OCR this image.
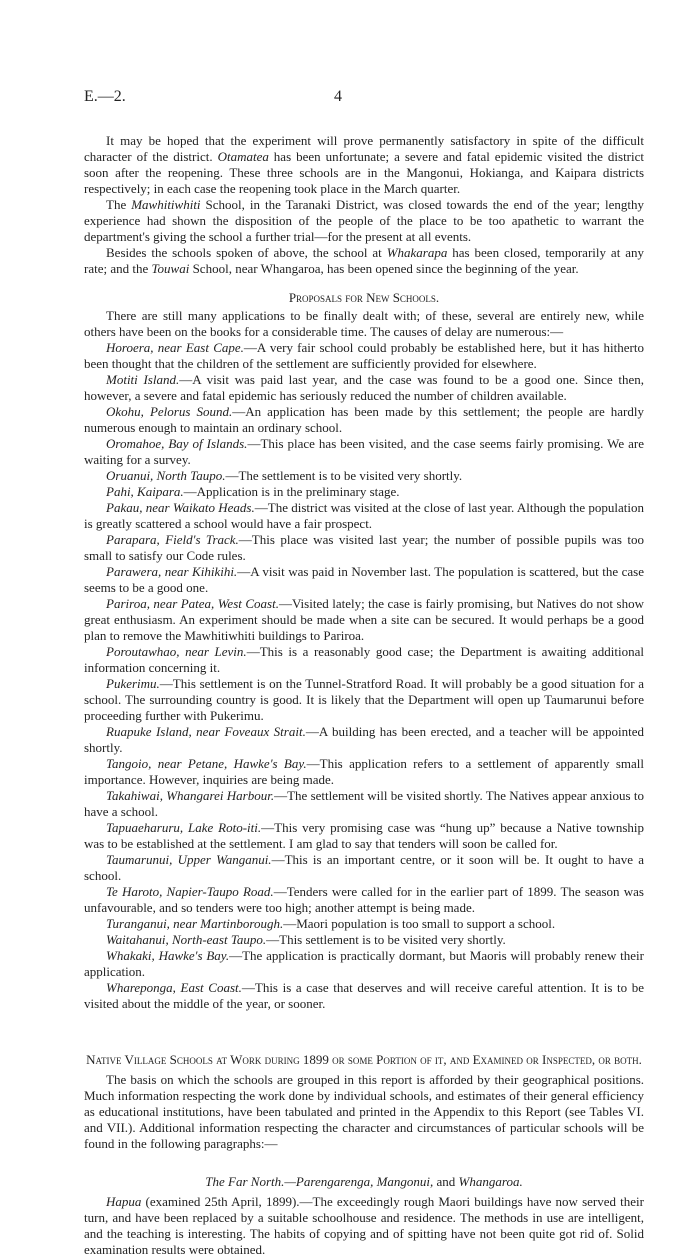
E.—2.	4

It may be hoped that the experiment will prove permanently satisfactory in spite of the difficult character of the district. Otamatea has been unfortunate; a severe and fatal epidemic visited the district soon after the reopening. These three schools are in the Mangonui, Hokianga, and Kaipara districts respectively; in each case the reopening took place in the March quarter.

The Mawhitiwhiti School, in the Taranaki District, was closed towards the end of the year; lengthy experience had shown the disposition of the people of the place to be too apathetic to warrant the department's giving the school a further trial—for the present at all events.

Besides the schools spoken of above, the school at Whakarapa has been closed, temporarily at any rate; and the Touwai School, near Whangaroa, has been opened since the beginning of the year.

Proposals for New Schools.

There are still many applications to be finally dealt with; of these, several are entirely new, while others have been on the books for a considerable time. The causes of delay are numerous:—

Horoera, near East Cape.—A very fair school could probably be established here, but it has hitherto been thought that the children of the settlement are sufficiently provided for elsewhere.

Motiti Island.—A visit was paid last year, and the case was found to be a good one. Since then, however, a severe and fatal epidemic has seriously reduced the number of children available.

Okohu, Pelorus Sound.—An application has been made by this settlement; the people are hardly numerous enough to maintain an ordinary school.

Oromahoe, Bay of Islands.—This place has been visited, and the case seems fairly promising. We are waiting for a survey.

Oruanui, North Taupo.—The settlement is to be visited very shortly.

Pahi, Kaipara.—Application is in the preliminary stage.

Pakau, near Waikato Heads.—The district was visited at the close of last year. Although the population is greatly scattered a school would have a fair prospect.

Parapara, Field's Track.—This place was visited last year; the number of possible pupils was too small to satisfy our Code rules.

Parawera, near Kihikihi.—A visit was paid in November last. The population is scattered, but the case seems to be a good one.

Pariroa, near Patea, West Coast.—Visited lately; the case is fairly promising, but Natives do not show great enthusiasm. An experiment should be made when a site can be secured. It would perhaps be a good plan to remove the Mawhitiwhiti buildings to Pariroa.

Poroutawhao, near Levin.—This is a reasonably good case; the Department is awaiting additional information concerning it.

Pukerimu.—This settlement is on the Tunnel-Stratford Road. It will probably be a good situation for a school. The surrounding country is good. It is likely that the Department will open up Taumarunui before proceeding further with Pukerimu.

Ruapuke Island, near Foveaux Strait.—A building has been erected, and a teacher will be appointed shortly.

Tangoio, near Petane, Hawke's Bay.—This application refers to a settlement of apparently small importance. However, inquiries are being made.

Takahiwai, Whangarei Harbour.—The settlement will be visited shortly. The Natives appear anxious to have a school.

Tapuaeharuru, Lake Roto-iti.—This very promising case was “hung up” because a Native township was to be established at the settlement. I am glad to say that tenders will soon be called for.

Taumarunui, Upper Wanganui.—This is an important centre, or it soon will be. It ought to have a school.

Te Haroto, Napier-Taupo Road.—Tenders were called for in the earlier part of 1899. The season was unfavourable, and so tenders were too high; another attempt is being made.

Turanganui, near Martinborough.—Maori population is too small to support a school.

Waitahanui, North-east Taupo.—This settlement is to be visited very shortly.

Whakaki, Hawke's Bay.—The application is practically dormant, but Maoris will probably renew their application.

Whareponga, East Coast.—This is a case that deserves and will receive careful attention. It is to be visited about the middle of the year, or sooner.

Native Village Schools at Work during 1899 or some Portion of it, and Examined or Inspected, or both.

The basis on which the schools are grouped in this report is afforded by their geographical positions. Much information respecting the work done by individual schools, and estimates of their general efficiency as educational institutions, have been tabulated and printed in the Appendix to this Report (see Tables VI. and VII.). Additional information respecting the character and circumstances of particular schools will be found in the following paragraphs:—

The Far North.—Parengarenga, Mangonui, and Whangaroa.

Hapua (examined 25th April, 1899).—The exceedingly rough Maori buildings have now served their turn, and have been replaced by a suitable schoolhouse and residence. The methods in use are intelligent, and the teaching is interesting. The habits of copying and of spitting have not been quite got rid of. Solid examination results were obtained.
